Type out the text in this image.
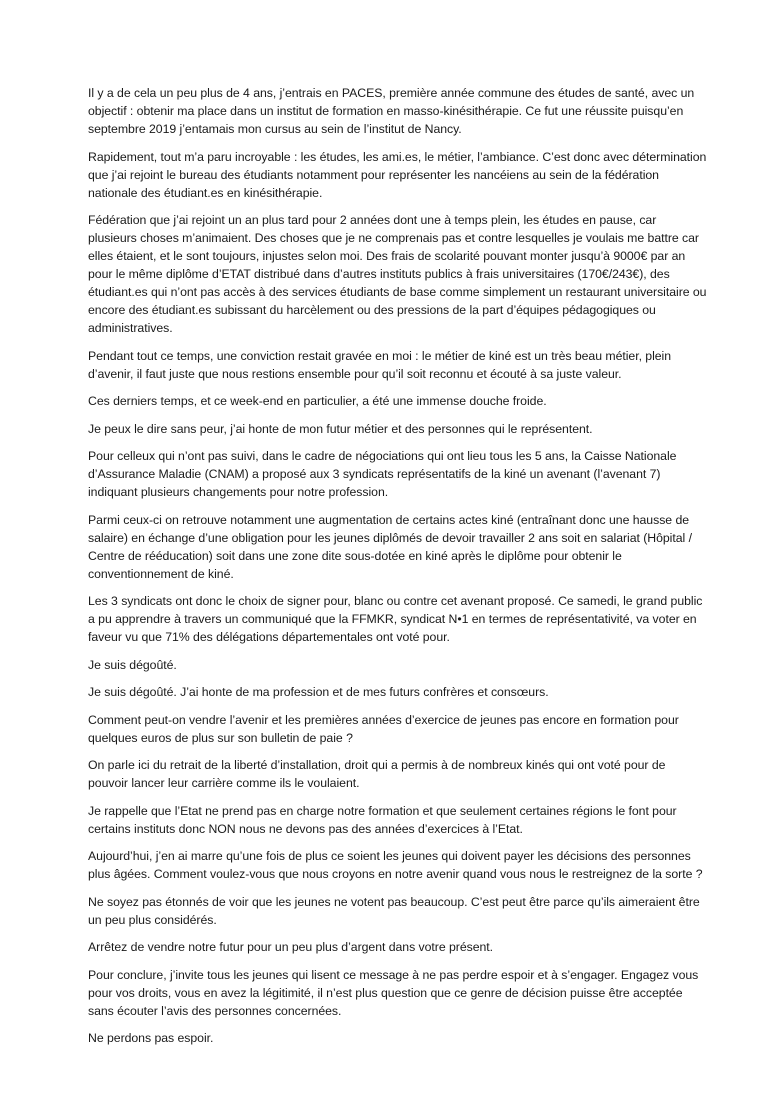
Il y a de cela un peu plus de 4 ans, j’entrais en PACES, première année commune des études de santé, avec un objectif : obtenir ma place dans un institut de formation en masso-kinésithérapie. Ce fut une réussite puisqu’en septembre 2019 j’entamais mon cursus au sein de l’institut de Nancy.

Rapidement, tout m’a paru incroyable : les études, les ami.es, le métier, l’ambiance. C’est donc avec détermination que j’ai rejoint le bureau des étudiants notamment pour représenter les nancéiens au sein de la fédération nationale des étudiant.es en kinésithérapie.

Fédération que j’ai rejoint un an plus tard pour 2 années dont une à temps plein, les études en pause, car plusieurs choses m’animaient. Des choses que je ne comprenais pas et contre lesquelles je voulais me battre car elles étaient, et le sont toujours, injustes selon moi. Des frais de scolarité pouvant monter jusqu’à 9000€ par an pour le même diplôme d’ETAT distribué dans d’autres instituts publics à frais universitaires (170€/243€), des étudiant.es qui n’ont pas accès à des services étudiants de base comme simplement un restaurant universitaire ou encore des étudiant.es subissant du harcèlement ou des pressions de la part d’équipes pédagogiques ou administratives.

Pendant tout ce temps, une conviction restait gravée en moi : le métier de kiné est un très beau métier, plein d’avenir, il faut juste que nous restions ensemble pour qu’il soit reconnu et écouté à sa juste valeur.

Ces derniers temps, et ce week-end en particulier, a été une immense douche froide.

Je peux le dire sans peur, j’ai honte de mon futur métier et des personnes qui le représentent.

Pour celleux qui n’ont pas suivi, dans le cadre de négociations qui ont lieu tous les 5 ans, la Caisse Nationale d’Assurance Maladie (CNAM) a proposé aux 3 syndicats représentatifs de la kiné un avenant (l’avenant 7) indiquant plusieurs changements pour notre profession.

Parmi ceux-ci on retrouve notamment une augmentation de certains actes kiné (entraînant donc une hausse de salaire) en échange d’une obligation pour les jeunes diplômés de devoir travailler 2 ans soit en salariat (Hôpital / Centre de rééducation) soit dans une zone dite sous-dotée en kiné après le diplôme pour obtenir le conventionnement de kiné.

Les 3 syndicats ont donc le choix de signer pour, blanc ou contre cet avenant proposé. Ce samedi, le grand public a pu apprendre à travers un communiqué que la FFMKR, syndicat N•1 en termes de représentativité, va voter en faveur vu que 71% des délégations départementales ont voté pour.

Je suis dégoûté.

Je suis dégoûté. J’ai honte de ma profession et de mes futurs confrères et consœurs.

Comment peut-on vendre l’avenir et les premières années d’exercice de jeunes pas encore en formation pour quelques euros de plus sur son bulletin de paie ?

On parle ici du retrait de la liberté d’installation, droit qui a permis à de nombreux kinés qui ont voté pour de pouvoir lancer leur carrière comme ils le voulaient.

Je rappelle que l’Etat ne prend pas en charge notre formation et que seulement certaines régions le font pour certains instituts donc NON nous ne devons pas des années d’exercices à l’Etat.

Aujourd’hui, j’en ai marre qu’une fois de plus ce soient les jeunes qui doivent payer les décisions des personnes plus âgées. Comment voulez-vous que nous croyons en notre avenir quand vous nous le restreignez de la sorte ?

Ne soyez pas étonnés de voir que les jeunes ne votent pas beaucoup. C’est peut être parce qu’ils aimeraient être un peu plus considérés.

Arrêtez de vendre notre futur pour un peu plus d’argent dans votre présent.

Pour conclure, j’invite tous les jeunes qui lisent ce message à ne pas perdre espoir et à s’engager. Engagez vous pour vos droits, vous en avez la légitimité, il n’est plus question que ce genre de décision puisse être acceptée sans écouter l’avis des personnes concernées.

Ne perdons pas espoir.
